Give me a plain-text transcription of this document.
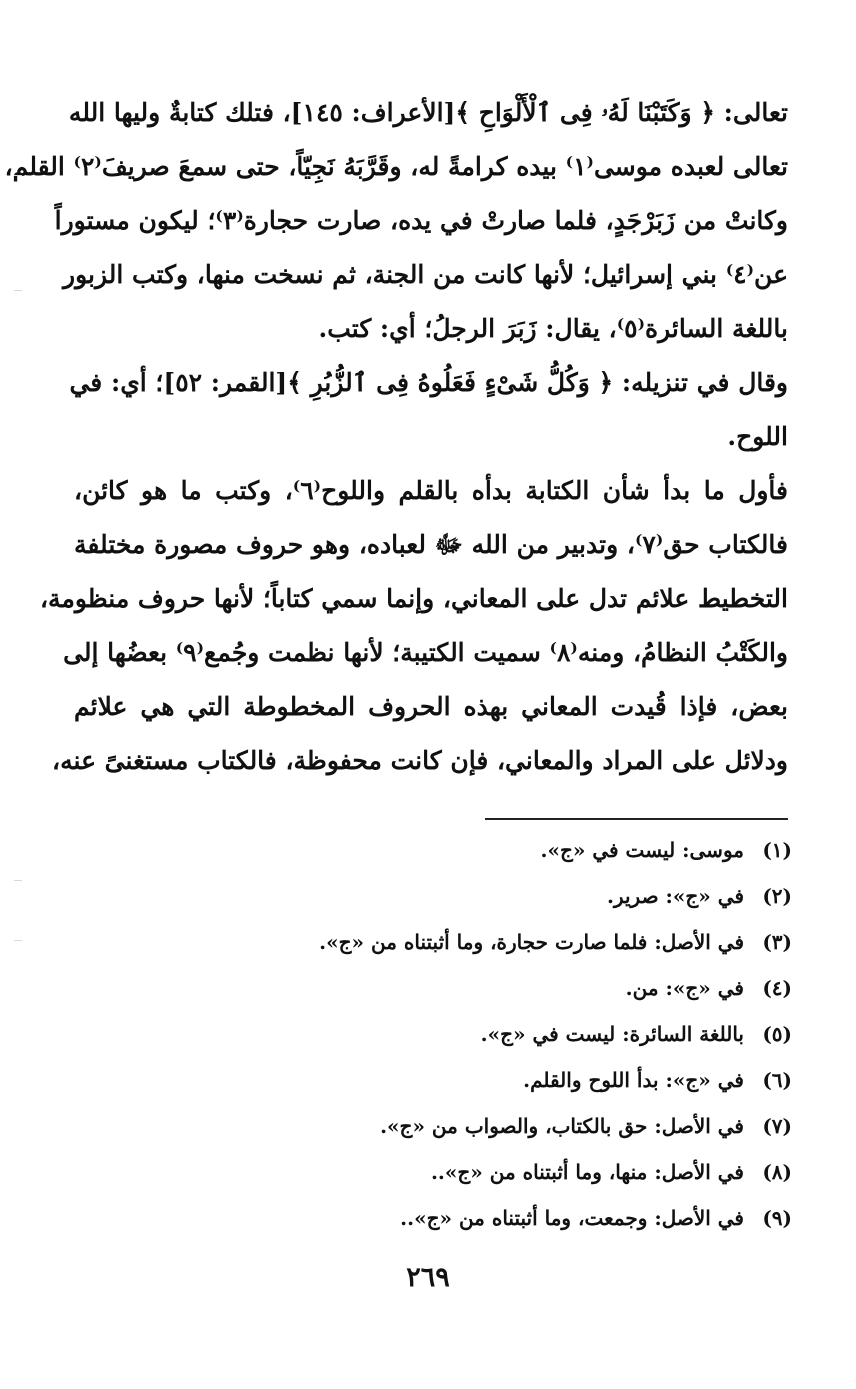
تعالى: ﴿ وَكَتَبْنَا لَهُۥ فِى ٱلْأَلْوَاحِ ﴾[الأعراف: ١٤٥]، فتلك كتابةٌ وليها الله
تعالى لعبده موسى⁽١⁾ بيده كرامةً له، وقَرَّبَهُ نَجِيّاً، حتى سمعَ صريفَ⁽٢⁾ القلم،
وكانتْ من زَبَرْجَدٍ، فلما صارتْ في يده، صارت حجارة⁽٣⁾؛ ليكون مستوراً
عن⁽٤⁾ بني إسرائيل؛ لأنها كانت من الجنة، ثم نسخت منها، وكتب الزبور
باللغة السائرة⁽٥⁾، يقال: زَبَرَ الرجلُ؛ أي: كتب.
وقال في تنزيله: ﴿ وَكُلُّ شَىْءٍ فَعَلُوهُ فِى ٱلزُّبُرِ ﴾[القمر: ٥٢]؛ أي: في
اللوح.
فأول ما بدأ شأن الكتابة بدأه بالقلم واللوح⁽٦⁾، وكتب ما هو كائن،
فالكتاب حق⁽٧⁾، وتدبير من الله ﷻ لعباده، وهو حروف مصورة مختلفة
التخطيط علائم تدل على المعاني، وإنما سمي كتاباً؛ لأنها حروف منظومة،
والكَتْبُ النظامُ، ومنه⁽٨⁾ سميت الكتيبة؛ لأنها نظمت وجُمع⁽٩⁾ بعضُها إلى
بعض، فإذا قُيدت المعاني بهذه الحروف المخطوطة التي هي علائم
ودلائل على المراد والمعاني، فإن كانت محفوظة، فالكتاب مستغنىً عنه،
(١)موسى: ليست في «ج».
(٢)في «ج»: صرير.
(٣)في الأصل: فلما صارت حجارة، وما أثبتناه من «ج».
(٤)في «ج»: من.
(٥)باللغة السائرة: ليست في «ج».
(٦)في «ج»: بدأ اللوح والقلم.
(٧)في الأصل: حق بالكتاب، والصواب من «ج».
(٨)في الأصل: منها، وما أثبتناه من «ج»..
(٩)في الأصل: وجمعت، وما أثبتناه من «ج»..
٢٦٩
